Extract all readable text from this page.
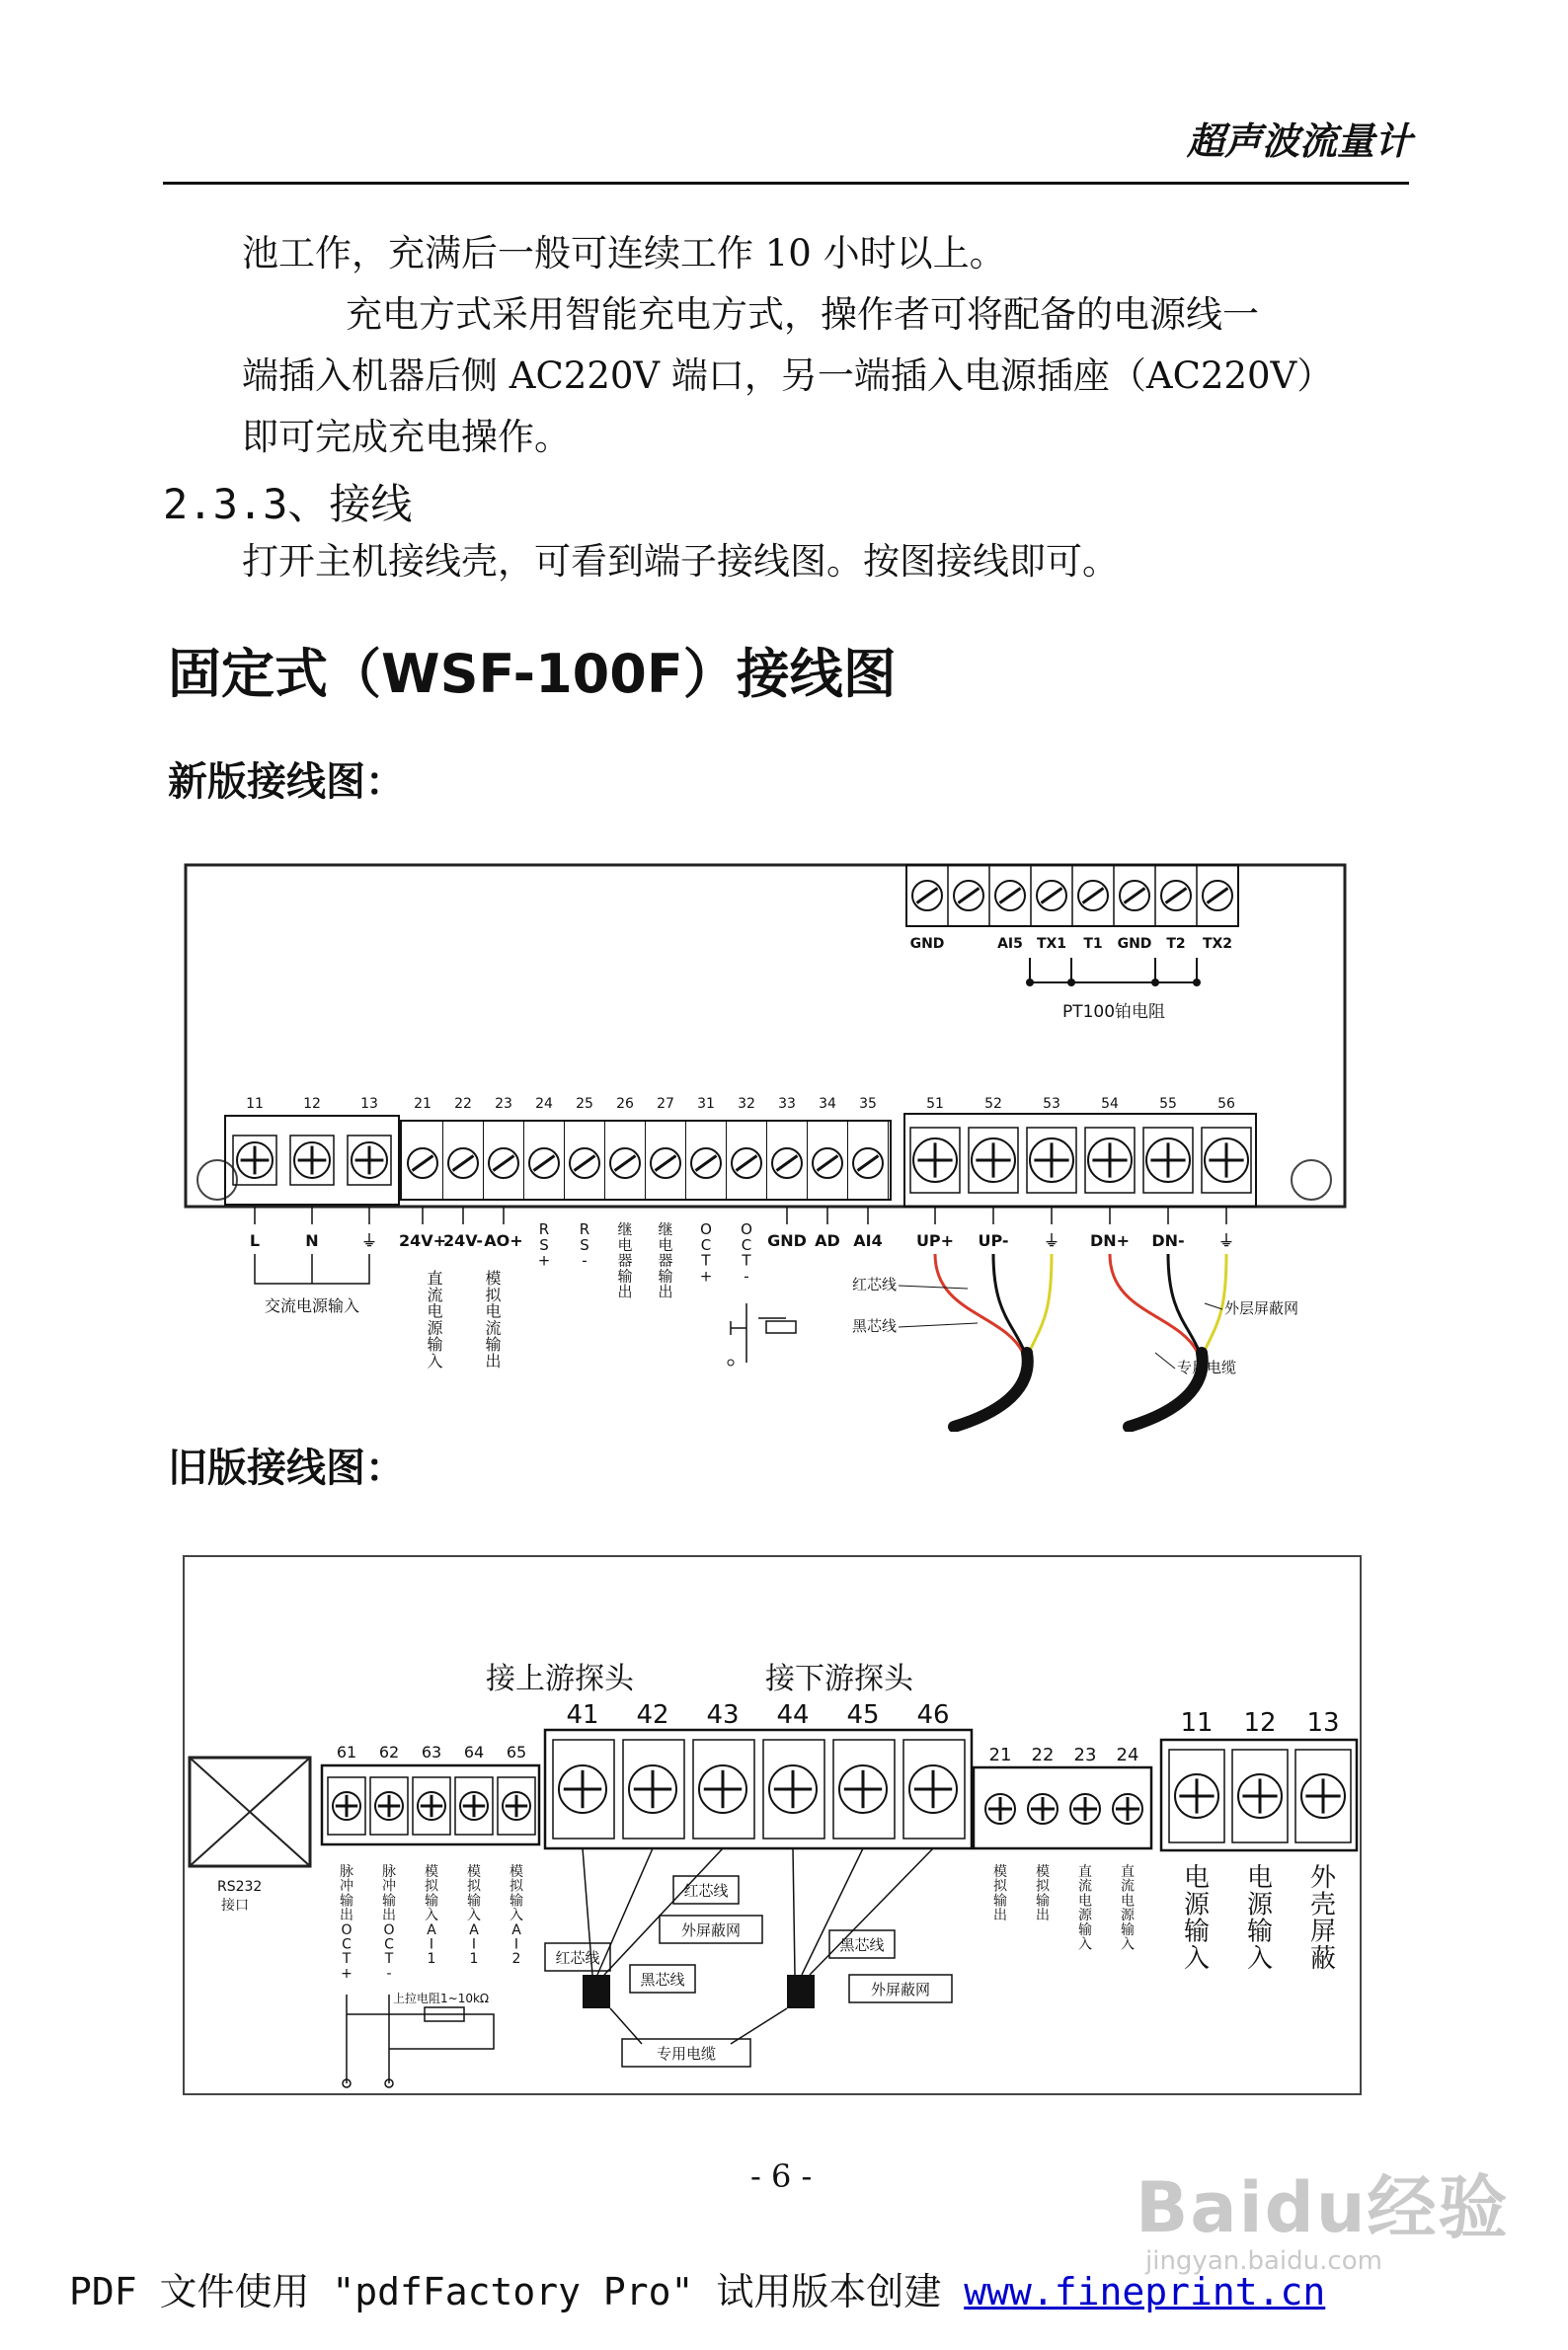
超声波流量计
池工作，充满后一般可连续工作 10 小时以上。
充电方式采用智能充电方式，操作者可将配备的电源线一
端插入机器后侧 AC220V 端口，另一端插入电源插座（AC220V）
即可完成充电操作。
2.3.3、接线
打开主机接线壳，可看到端子接线图。按图接线即可。
固定式（WSF-100F）接线图
新版接线图：
GND	AI5 TX1 T1 GND T2 TX2
PT100铂电阻
11
L
12
N
13
⏚
21
24V+
22
24V-
23
AO+
24 25 26 27 31 32 33
GND
34
AD
35
AI4
51
UP+
52
UP-
53
⏚
54
DN+
55
DN-
56
⏚
交流电源输入
直流电源输入
模拟电流输出
R S +
R S -
继电器输出
继电器输出
O C T +
O C T -	红芯线
黑芯线
外层屏蔽网
专用电缆
旧版接线图：
接上游探头	接下游探头
61
脉冲输出 O C T +
62
脉冲输出 O C T -
63
模拟输入 A I 1
64
模拟输入 A I 1
65
模拟输入 A I 2
41 42 43 44 45 46
21
模拟输出
22
模拟输出
23
直流电源输入
24
直流电源输入
11
电源输入
12
电源输入
13
外壳屏蔽
RS232
接口
上拉电阻1~10kΩ
红芯线
黑芯线
红芯线
外屏蔽网
黑芯线
外屏蔽网
专用电缆
- 6 -	Baidu经验
jingyan.baidu.com
PDF 文件使用 "pdfFactory Pro" 试用版本创建 www.fineprint.cn
